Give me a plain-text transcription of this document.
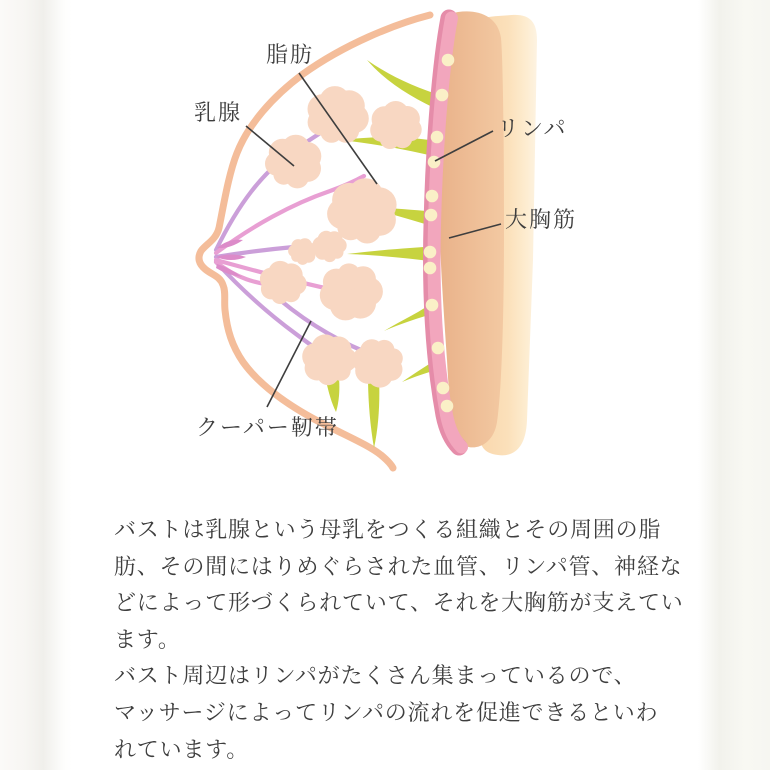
脂肪
乳腺
リンパ
大胸筋
クーパー靭帯
バストは乳腺という母乳をつくる組織とその周囲の脂
肪、その間にはりめぐらされた血管、リンパ管、神経な
どによって形づくられていて、それを大胸筋が支えてい
ます。
バスト周辺はリンパがたくさん集まっているので、
マッサージによってリンパの流れを促進できるといわ
れています。
